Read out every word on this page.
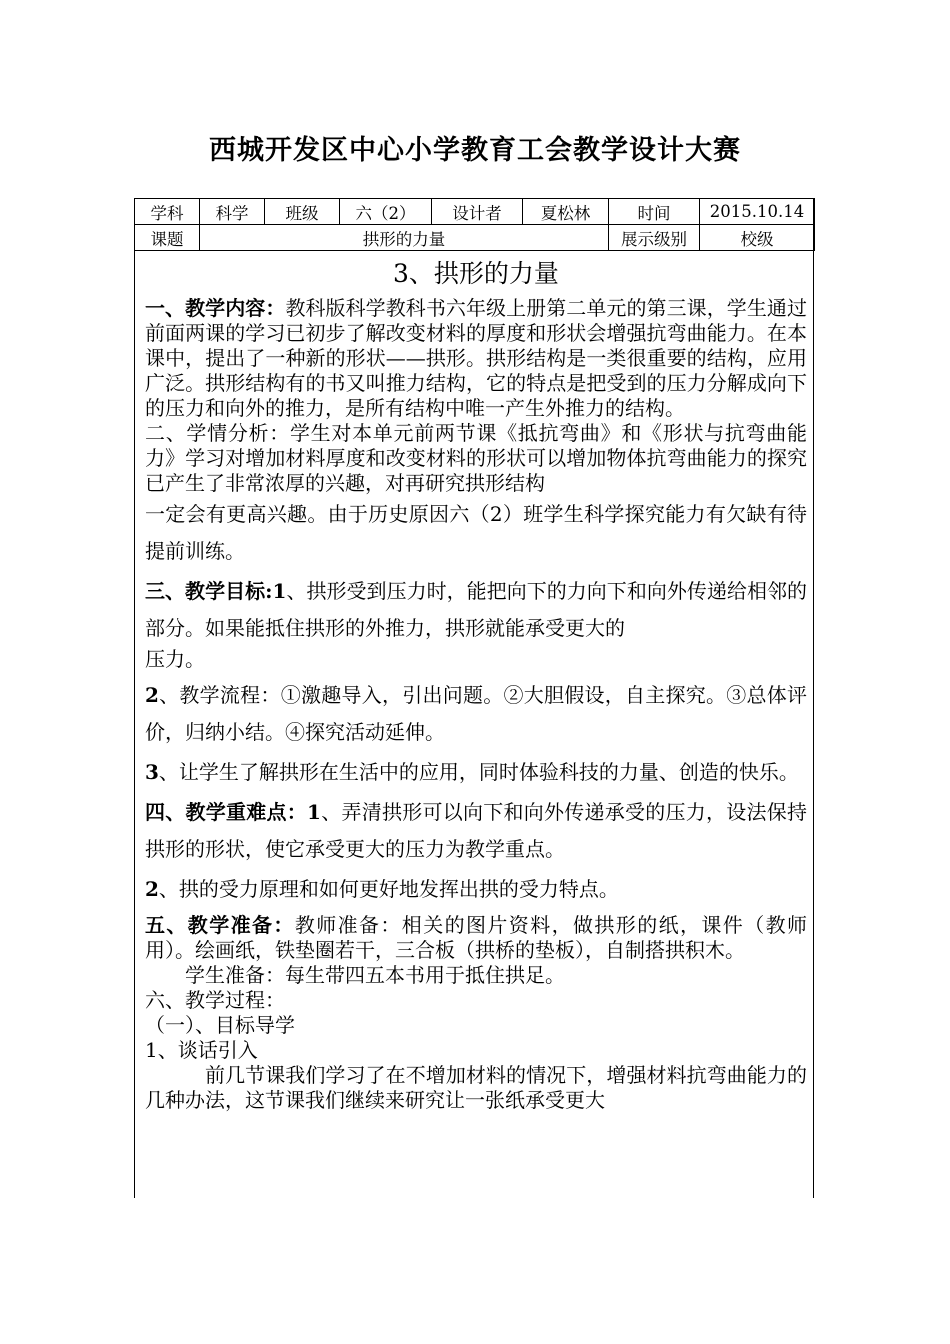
西城开发区中心小学教育工会教学设计大赛
学科	科学	班级	六（2）	设计者	夏松林	时间	2015.10.14
课题	拱形的力量					展示级别	校级
3、拱形的力量

一、教学内容：教科版科学教科书六年级上册第二单元的第三课，学生通过前面两课的学习已初步了解改变材料的厚度和形状会增强抗弯曲能力。在本课中，提出了一种新的形状——拱形。拱形结构是一类很重要的结构，应用广泛。拱形结构有的书又叫推力结构，它的特点是把受到的压力分解成向下的压力和向外的推力，是所有结构中唯一产生外推力的结构。

二、学情分析：学生对本单元前两节课《抵抗弯曲》和《形状与抗弯曲能力》学习对增加材料厚度和改变材料的形状可以增加物体抗弯曲能力的探究已产生了非常浓厚的兴趣，对再研究拱形结构

一定会有更高兴趣。由于历史原因六（2）班学生科学探究能力有欠缺有待提前训练。

三、教学目标:1、拱形受到压力时，能把向下的力向下和向外传递给相邻的部分。如果能抵住拱形的外推力，拱形就能承受更大的

压力。

2、教学流程：①激趣导入，引出问题。②大胆假设，自主探究。③总体评价，归纳小结。④探究活动延伸。

3、让学生了解拱形在生活中的应用，同时体验科技的力量、创造的快乐。

四、教学重难点：1、弄清拱形可以向下和向外传递承受的压力，设法保持拱形的形状，使它承受更大的压力为教学重点。

2、拱的受力原理和如何更好地发挥出拱的受力特点。

五、教学准备：教师准备：相关的图片资料，做拱形的纸，课件（教师用）。绘画纸，铁垫圈若干，三合板（拱桥的垫板），自制搭拱积木。

学生准备：每生带四五本书用于抵住拱足。

六、教学过程：

（一）、目标导学

1、谈话引入

前几节课我们学习了在不增加材料的情况下，增强材料抗弯曲能力的几种办法，这节课我们继续来研究让一张纸承受更大
